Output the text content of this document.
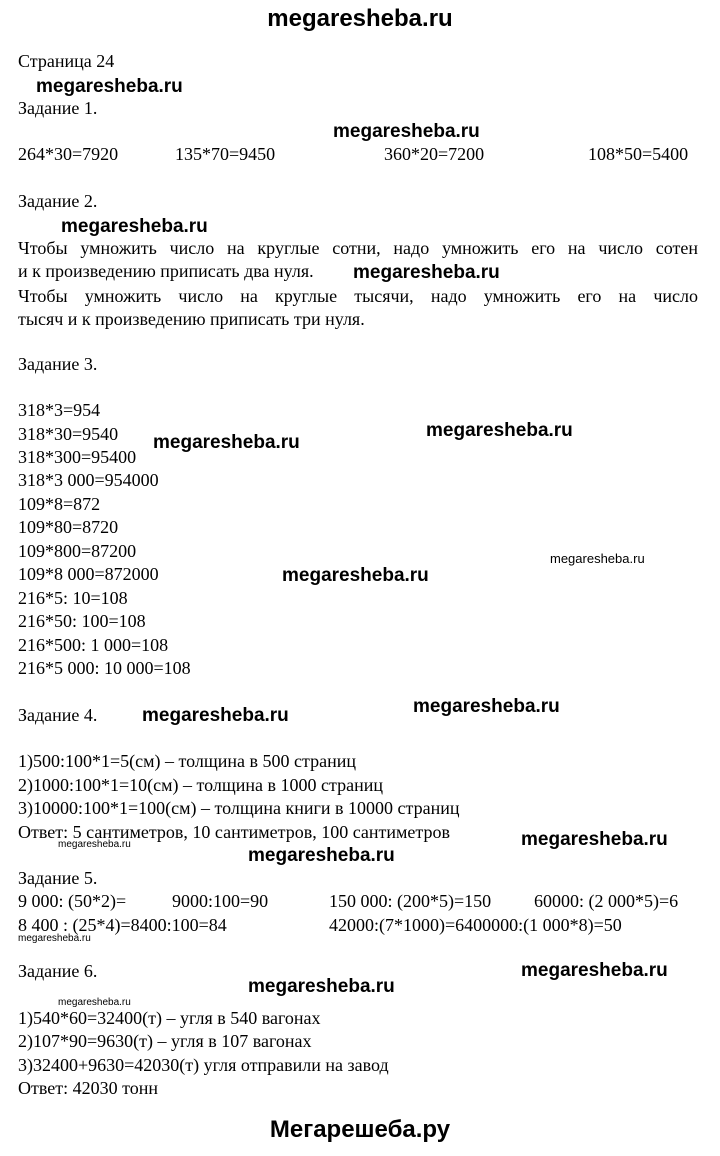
megaresheba.ru
Страница 24
megaresheba.ru
Задание 1.
megaresheba.ru
264*30=7920	135*70=9450	360*20=7200	108*50=5400
Задание 2.
megaresheba.ru
Чтобы умножить число на круглые сотни, надо умножить его на число сотен
и к произведению приписать два нуля. megaresheba.ru
Чтобы умножить число на круглые тысячи, надо умножить его на число
тысяч и к произведению приписать три нуля.
Задание 3.
318*3=954
318*30=9540	megaresheba.ru
megaresheba.ru
318*300=95400
318*3 000=954000
109*8=872
109*80=8720
109*800=87200	megaresheba.ru
109*8 000=872000	megaresheba.ru
216*5: 10=108
216*50: 100=108
216*500: 1 000=108
216*5 000: 10 000=108
megaresheba.ru
Задание 4. megaresheba.ru
1)500:100*1=5(см) – толщина в 500 страниц
2)1000:100*1=10(см) – толщина в 1000 страниц
3)10000:100*1=100(см) – толщина книги в 10000 страниц
Ответ: 5 сантиметров, 10 сантиметров, 100 сантиметров	megaresheba.ru
megaresheba.ru
megaresheba.ru
Задание 5.
9 000: (50*2)=	9000:100=90	150 000: (200*5)=150 60000: (2 000*5)=6
8 400 : (25*4)=8400:100=84	42000:(7*1000)=6400000:(1 000*8)=50
megaresheba.ru
Задание 6.	megaresheba.ru
megaresheba.ru
megaresheba.ru
1)540*60=32400(т) – угля в 540 вагонах
2)107*90=9630(т) – угля в 107 вагонах
3)32400+9630=42030(т) угля отправили на завод
Ответ: 42030 тонн
Мегарешеба.ру
